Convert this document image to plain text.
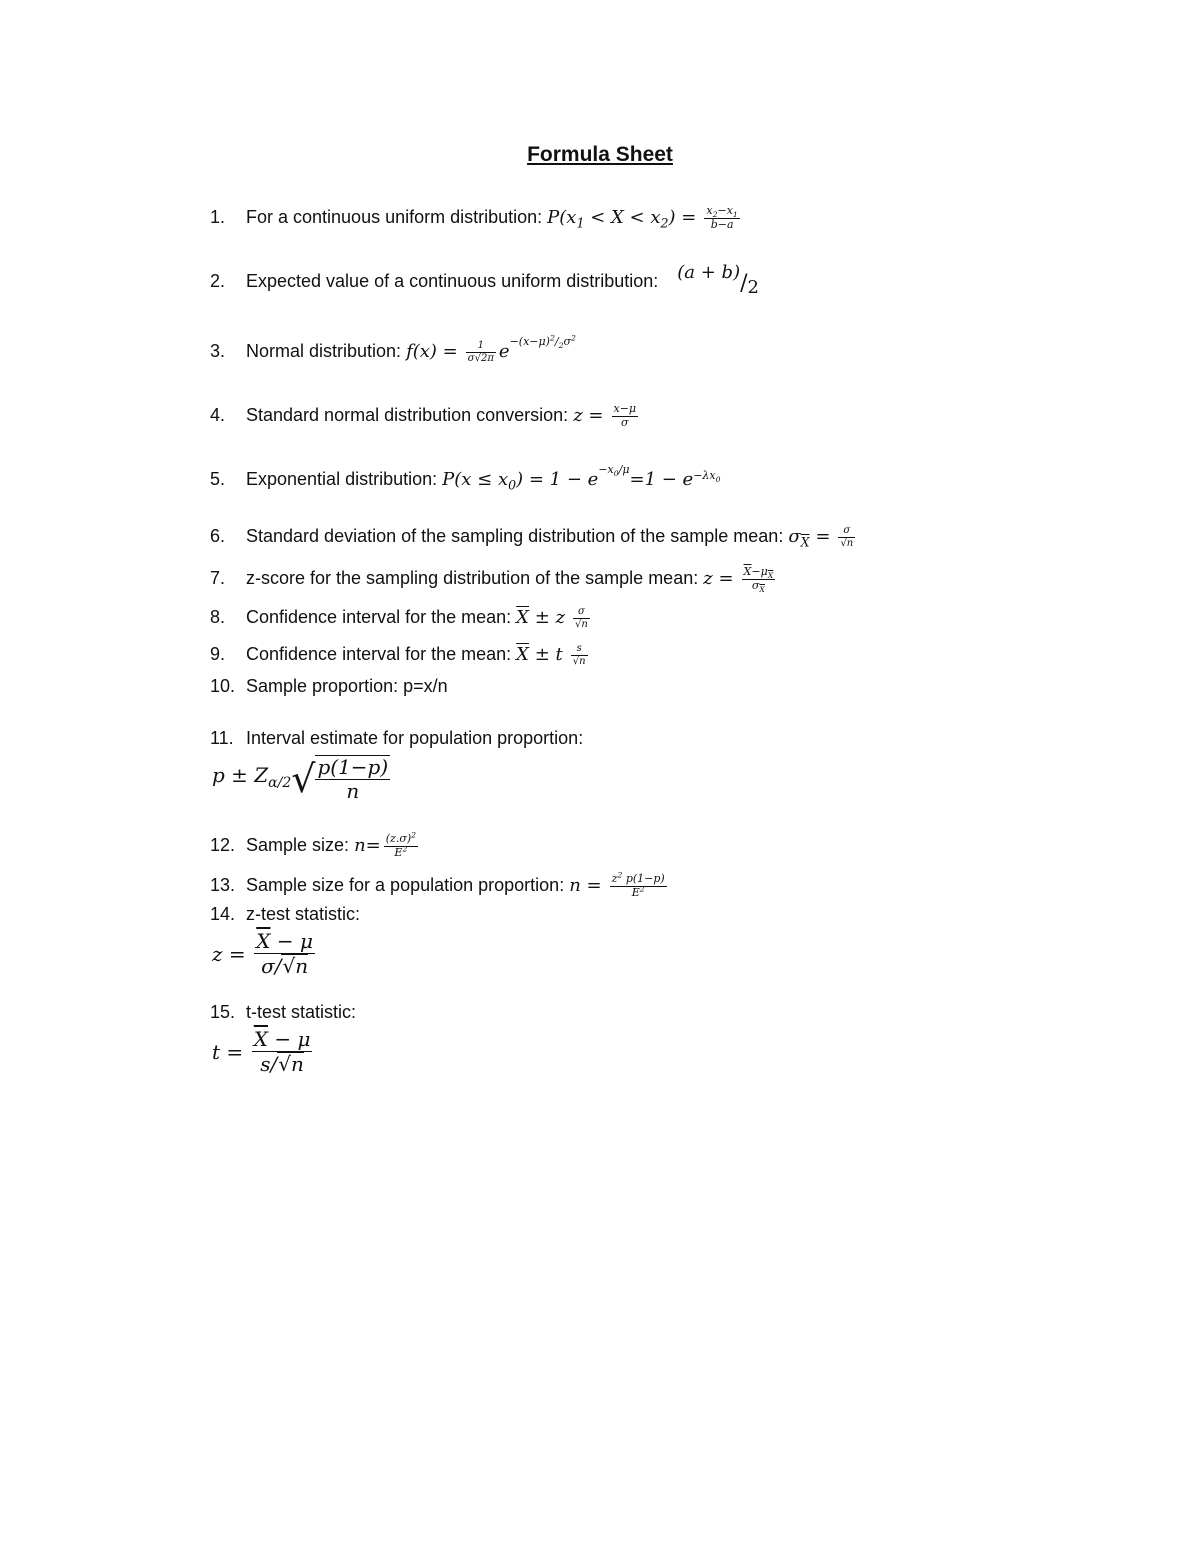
Formula Sheet
1. For a continuous uniform distribution: $P(x_1 < X < x_2) = \frac{x_2-x_1}{b-a}$
2. Expected value of a continuous uniform distribution: (a + b)/2
3. Normal distribution: $f(x) = \frac{1}{\sigma√2\pi} e^{-(x-\mu)^2/_2\sigma^2}$
4. Standard normal distribution conversion: $z = \frac{x-\mu}{\sigma}$
5. Exponential distribution: $P(x \le x_0) = 1 - e^{-x_0/\mu}=1 - e^{-\lambda x_0}$
6. Standard deviation of the sampling distribution of the sample mean: $\sigma_{\overline{X}} = \frac{\sigma}{√n}$
7. z-score for the sampling distribution of the sample mean: $z = \frac{\overline{X}-\mu_{\overline{X}}}{\sigma_{\overline{X}}}$
8. Confidence interval for the mean: $\overline{X} \pm z \frac{\sigma}{√n}$
9. Confidence interval for the mean: $\overline{X} \pm t \frac{s}{√n}$
10. Sample proportion: p=x/n
11. Interval estimate for population proportion:
$p \pm Z_{\alpha/2}√ \frac{p(1-p)}{n}$
12. Sample size: $n= \frac{(z.\sigma)^2}{E^2}$
13. Sample size for a population proportion: $n = \frac{z^2 p(1-p)}{E^2}$
14. z-test statistic:
$z = \frac{\overline{X} - \mu}{\sigma/√n}$
15. t-test statistic:
$t = \frac{\overline{X} - \mu}{s/√n}$
